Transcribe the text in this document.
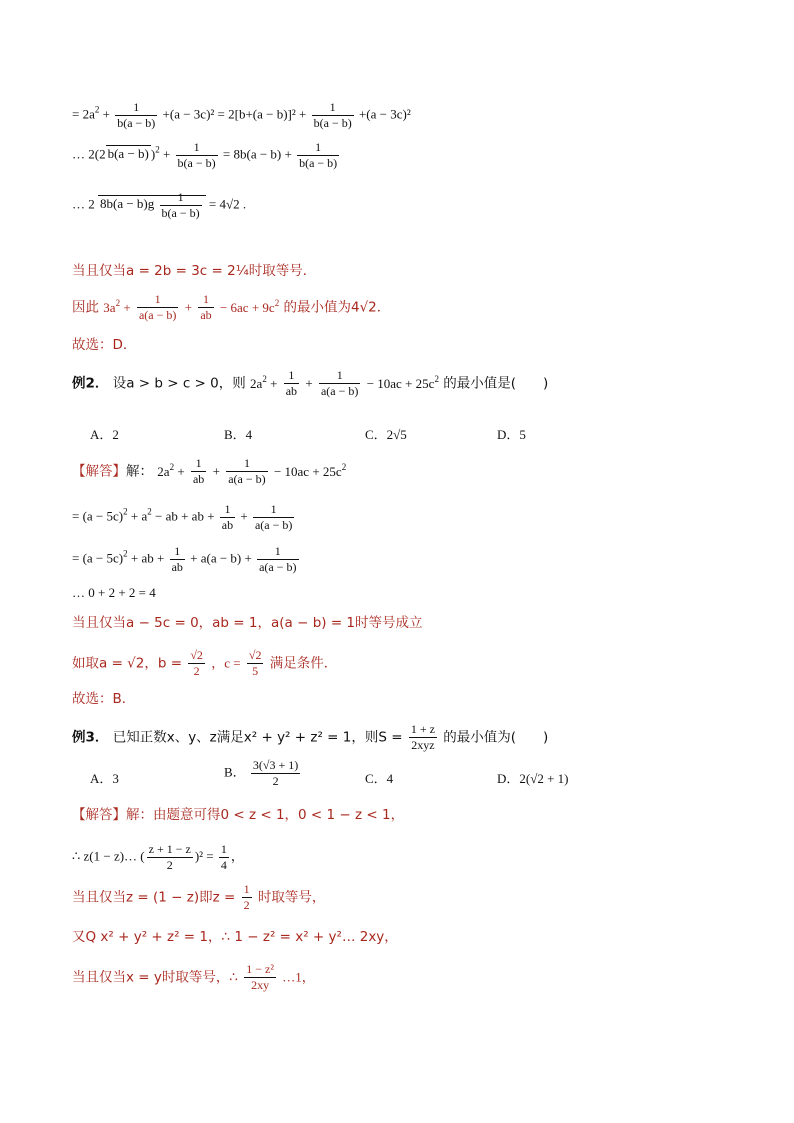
= $2a^2 + \frac{1}{b(a - b)} +(a - 3c)^2 = 2[b+(a - b)]^2 + \frac{1}{b(a - b)} +(a - 3c)^2$
… 2(2 b(a − b) )$^2 + \frac{1}{b(a - b)} = 8b(a - b) + \frac{1}{b(a - b)}$
… 2 $8b(a - b)g \frac{1}{b(a - b)} = 4√2$ .
当且仅当a = 2b = 3c = 2¼时取等号．
因此 $3a^2 + \frac{1}{a(a - b)} + \frac{1}{ab} - 6ac + 9c^2$ 的最小值为4√2．
故选：D．
例2． 设a > b > c > 0，则 $2a^2 + \frac{1}{ab} + \frac{1}{a(a - b)} - 10ac + 25c^2$ 的最小值是(　　)
A．2	B．4	C．2√5	D．5
【解答】解： $2a^2 + \frac{1}{ab} + \frac{1}{a(a - b)} - 10ac + 25c^2$
= $(a - 5c)^2 + a^2$ − ab + ab + $\frac{1}{ab} + \frac{1}{a(a - b)}$
= $(a - 5c)^2$ + ab + $\frac{1}{ab} + a(a - b) + \frac{1}{a(a - b)}$
… 0 + 2 + 2 = 4
当且仅当a − 5c = 0，ab = 1，a(a − b) = 1时等号成立
如取a = √2，$b = \frac{√2}{2}$ ，$c = \frac{√2}{5}$ 满足条件．
故选：B．
例3． 已知正数x、y、z满足x² + y² + z² = 1，则$S = \frac{1 + z}{\text{2xyz}}$ 的最小值为(　　)
A．3	B． $\frac{3(√3 + 1)}{2}$	C．4	D．2(√2 + 1)
【解答】解：由题意可得0 < z < 1，0 < 1 − z < 1，
∴ z(1 − z)… ( $\frac{z + 1 - z}{2} )^2 = \frac{1}{4}$ ，
当且仅当z = (1 − z)即$z = \frac{1}{2}$ 时取等号，
又Q x² + y² + z² = 1，∴ 1 − z² = x² + y²… 2xy，
当且仅当x = y时取等号，∴ $\frac{\text{1 − z²}}{2xy}$ …1，
